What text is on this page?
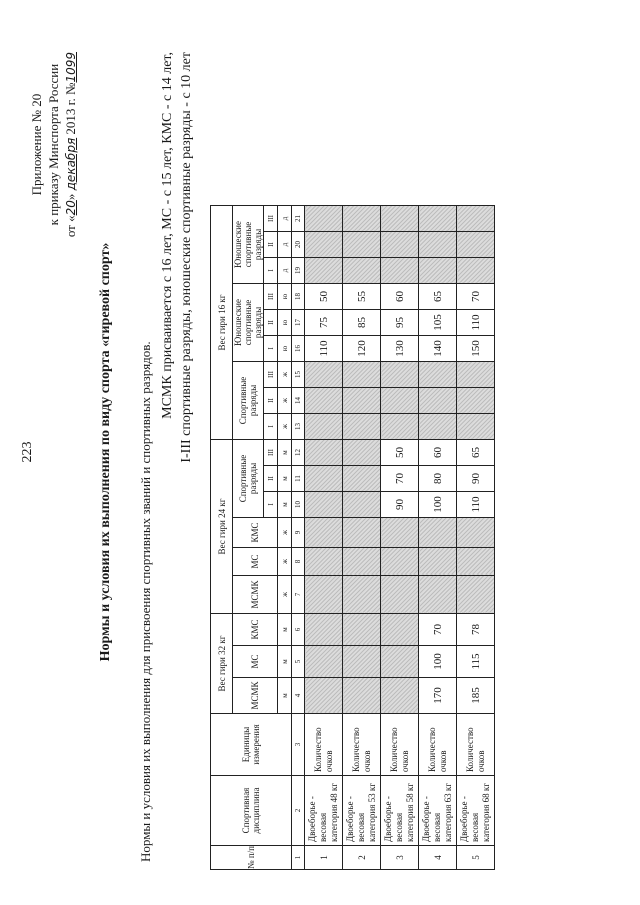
223
Приложение № 20 к приказу Минспорта России
от «20» декабря 2013 г. №1099
Нормы и условия их выполнения по виду спорта «гиревой спорт» Нормы и условия их выполнения для присвоения спортивных званий и спортивных разрядов.
МСМК присваивается с 16 лет, МС - с 15 лет, КМС - с 14 лет, I-III спортивные разряды, юношеские спортивные разряды - с 10 лет
№ п/п	Спортивная дисциплина	Единицы измерения	Вес гири 32 кг			Вес гири 24 кг						Вес гири 16 кг								
			МСМК	МС	КМС	МСМК	МС	КМС	Спортивные разряды			Спортивные разряды			Юношеские спортивные разряды			Юношеские спортивные разряды		
									I	II	III	I	II	III	I	II	III	I	II	III
			м	м	м	ж	ж	ж	м	м	м	ж	ж	ж	ю	ю	ю	д	д	д
1	2	3	4	5	6	7	8	9	10	11	12	13	14	15	16	17	18	19	20	21
1	Двоеборье - весовая категория 48 кг	Количество очков													110	75	50			
2	Двоеборье - весовая категория 53 кг	Количество очков													120	85	55			
3	Двоеборье - весовая категория 58 кг	Количество очков							90	70	50				130	95	60			
4	Двоеборье - весовая категория 63 кг	Количество очков	170	100	70				100	80	60				140	105	65			
5	Двоеборье - весовая категория 68 кг	Количество очков	185	115	78				110	90	65				150	110	70			
